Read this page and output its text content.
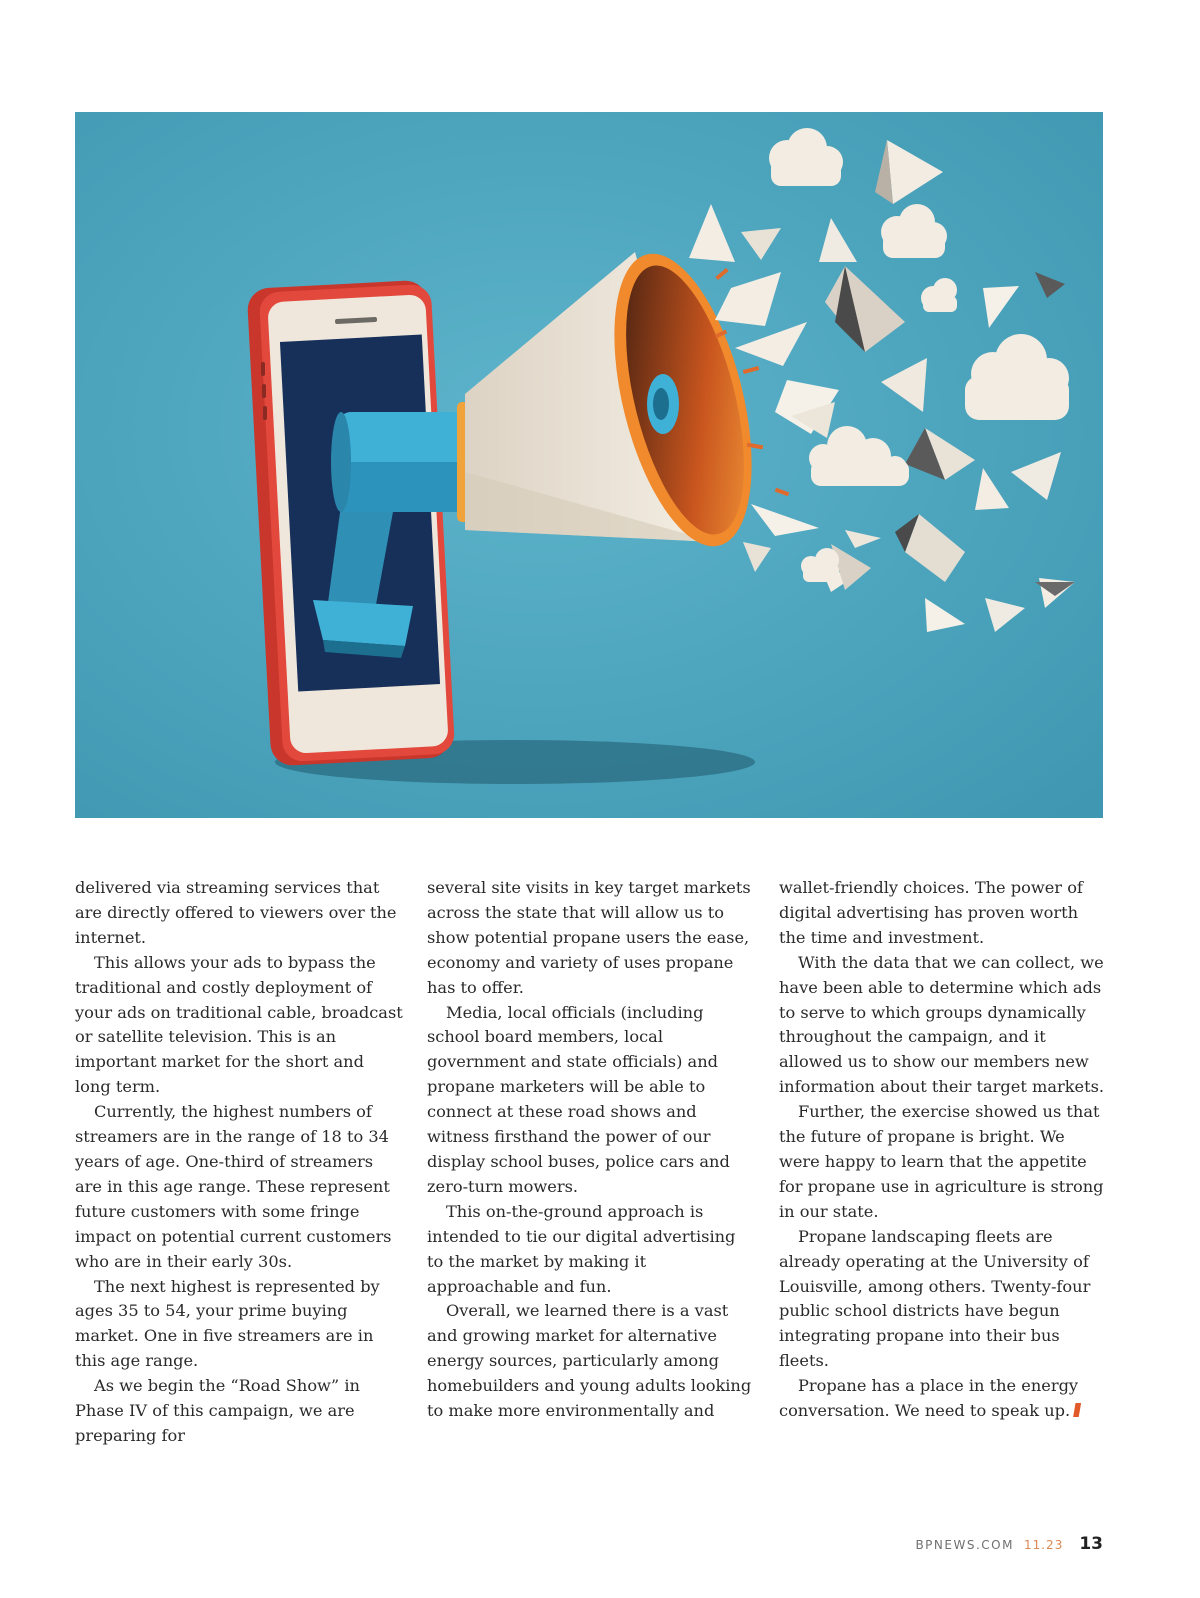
delivered via streaming services that are directly offered to viewers over the internet.

This allows your ads to bypass the traditional and costly deployment of your ads on traditional cable, broadcast or satellite television. This is an important market for the short and long term.

Currently, the highest numbers of streamers are in the range of 18 to 34 years of age. One-third of streamers are in this age range. These represent future customers with some fringe impact on potential current customers who are in their early 30s.

The next highest is represented by ages 35 to 54, your prime buying market. One in five streamers are in this age range.

As we begin the “Road Show” in Phase IV of this campaign, we are preparing for

several site visits in key target markets across the state that will allow us to show potential propane users the ease, economy and variety of uses propane has to offer.

Media, local officials (including school board members, local government and state officials) and propane marketers will be able to connect at these road shows and witness firsthand the power of our display school buses, police cars and zero-turn mowers.

This on-the-ground approach is intended to tie our digital advertising to the market by making it approachable and fun.

Overall, we learned there is a vast and growing market for alternative energy sources, particularly among homebuilders and young adults looking to make more environmentally and

wallet-friendly choices. The power of digital advertising has proven worth the time and investment.

With the data that we can collect, we have been able to determine which ads to serve to which groups dynamically throughout the campaign, and it allowed us to show our members new information about their target markets.

Further, the exercise showed us that the future of propane is bright. We were happy to learn that the appetite for propane use in agriculture is strong in our state.

Propane landscaping fleets are already operating at the University of Louisville, among others. Twenty-four public school districts have begun integrating propane into their bus fleets.

Propane has a place in the energy conversation. We need to speak up.

BPNEWS.COM 11.23 13
